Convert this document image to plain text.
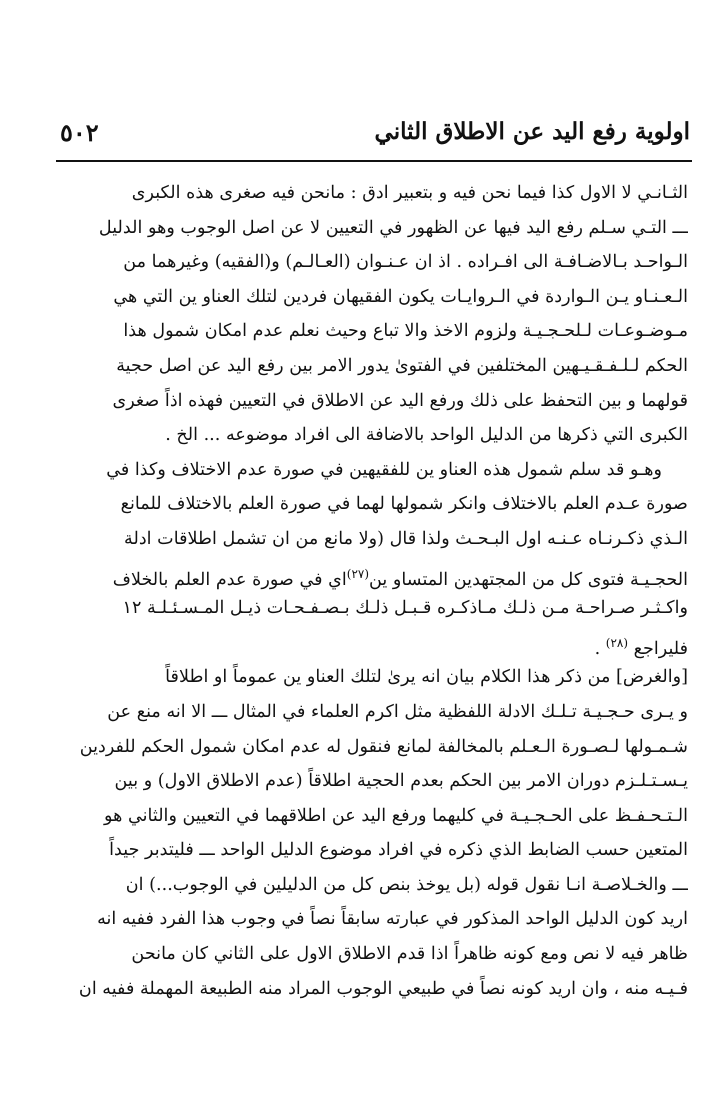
اولوية رفع اليد عن الاطلاق الثاني
٥٠٢
الثـانـي لا الاول كذا فيما نحن فيه و بتعبير ادق : مانحن فيه صغرى هذه الكبرى
ـــ التـي سـلم رفع اليد فيها عن الظهور في التعيين لا عن اصل الوجوب وهو الدليل
الـواحـد بـالاضـافـة الى افـراده . اذ ان عـنـوان (العـالـم) و(الفقيه) وغيرهما من
الـعـنـاو يـن الـواردة في الـروايـات يكون الفقيهان فردين لتلك العناو ين التي هي
مـوضـوعـات لـلحـجـيـة ولزوم الاخذ والا تباع وحيث نعلم عدم امكان شمول هذا
الحكم لـلـفـقـيـهين المختلفين في الفتوىٰ يدور الامر بين رفع اليد عن اصل حجية
قولهما و بين التحفظ على ذلك ورفع اليد عن الاطلاق في التعيين فهذه اذاً صغرى
الكبرى التي ذكرها من الدليل الواحد بالاضافة الى افراد موضوعه ... الخ .
وهـو قد سلم شمول هذه العناو ين للفقيهين في صورة عدم الاختلاف وكذا في
صورة عـدم العلم بالاختلاف وانكر شمولها لهما في صورة العلم بالاختلاف للمانع
الـذي ذكـرنـاه عـنـه اول البـحـث ولذا قال (ولا مانع من ان تشمل اطلاقات ادلة
الحجـيـة فتوى كل من المجتهدين المتساو ين$^{(٢٧)}$اي في صورة عدم العلم بالخلاف
واكـثـر صـراحـة مـن ذلـك مـاذكـره قـبـل ذلـك بـصـفـحـات ذيـل المـسـئـلـة ١٢
فليراجع $^{(٢٨)}$ .
[والغرض] من ذكر هذا الكلام بيان انه يرىٰ لتلك العناو ين عموماً او اطلاقاً
و يـرى حـجـيـة تـلـك الادلة اللفظية مثل اكرم العلماء في المثال ـــ الا انه منع عن
شـمـولها لـصـورة الـعـلم بالمخالفة لمانع فنقول له عدم امكان شمول الحكم للفردين
يـسـتـلـزم دوران الامر بين الحكم بعدم الحجية اطلاقاً (عدم الاطلاق الاول) و بين
الـتـحـفـظ على الحـجـيـة في كليهما ورفع اليد عن اطلاقهما في التعيين والثاني هو
المتعين حسب الضابط الذي ذكره في افراد موضوع الدليل الواحد ـــ فليتدبر جيداً
ـــ والخـلاصـة انـا نقول قوله (بل يوخذ بنص كل من الدليلين في الوجوب...) ان
اريد كون الدليل الواحد المذكور في عبارته سابقاً نصاً في وجوب هذا الفرد ففيه انه
ظاهر فيه لا نص ومع كونه ظاهراً اذا قدم الاطلاق الاول على الثاني كان مانحن
فـيـه منه ، وان اريد كونه نصاً في طبيعي الوجوب المراد منه الطبيعة المهملة ففيه ان
